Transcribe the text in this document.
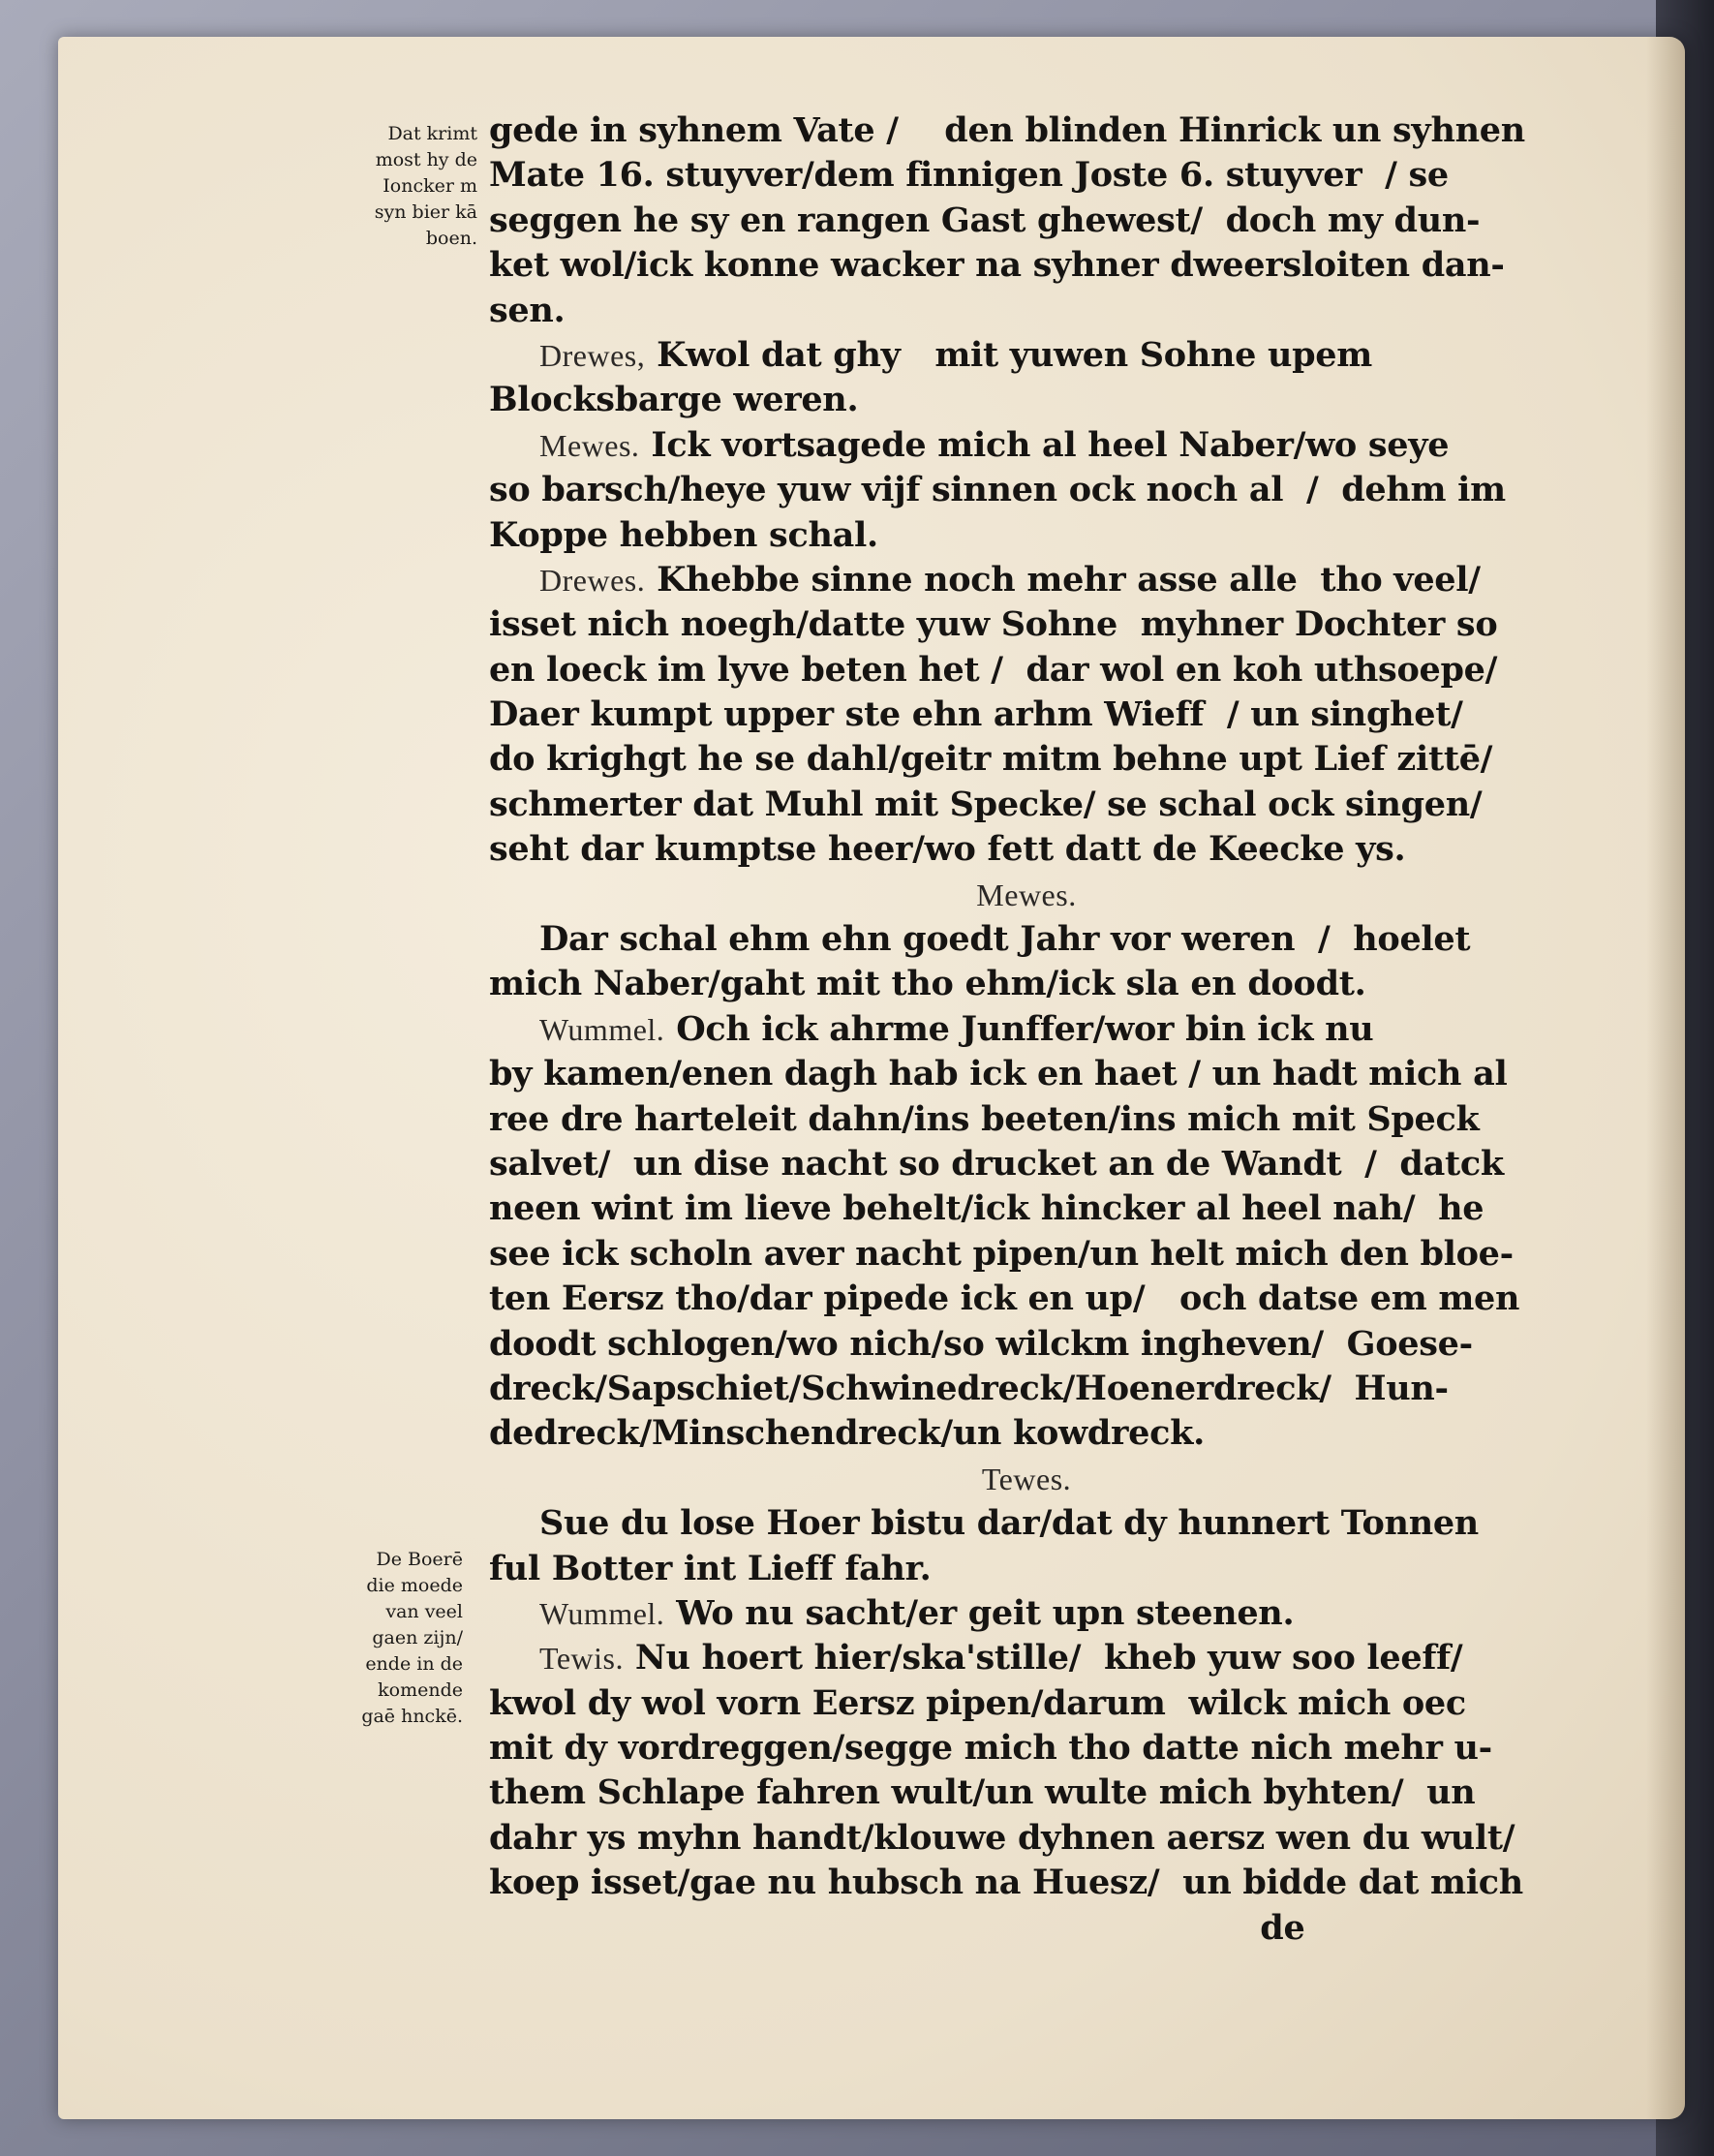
Dat krimt
most hy de
Ioncker m
syn bier kā
boen.
De Boerē
die moede
van veel
gaen zijn/
ende in de
komende
gaē hnckē.
gede in syhnem Vate /    den blinden Hinrick un syhnen
Mate 16. stuyver/dem finnigen Joste 6. stuyver  / se
seggen he sy en rangen Gast ghewest/  doch my dun-
ket wol/ick konne wacker na syhner dweersloiten dan-
sen.
Drewes, Kwol dat ghy   mit yuwen Sohne upem
Blocksbarge weren.
Mewes. Ick vortsagede mich al heel Naber/wo seye
so barsch/heye yuw vijf sinnen ock noch al  /  dehm im
Koppe hebben schal.
Drewes. Khebbe sinne noch mehr asse alle  tho veel/
isset nich noegh/datte yuw Sohne  myhner Dochter so
en loeck im lyve beten het /  dar wol en koh uthsoepe/
Daer kumpt upper ste ehn arhm Wieff  / un singhet/
do krighgt he se dahl/geitr mitm behne upt Lief zittē/
schmerter dat Muhl mit Specke/ se schal ock singen/
seht dar kumptse heer/wo fett datt de Keecke ys.
Mewes.
Dar schal ehm ehn goedt Jahr vor weren  /  hoelet
mich Naber/gaht mit tho ehm/ick sla en doodt.
Wummel. Och ick ahrme Junffer/wor bin ick nu
by kamen/enen dagh hab ick en haet / un hadt mich al
ree dre harteleit dahn/ins beeten/ins mich mit Speck
salvet/  un dise nacht so drucket an de Wandt  /  datck
neen wint im lieve behelt/ick hincker al heel nah/  he
see ick scholn aver nacht pipen/un helt mich den bloe-
ten Eersz tho/dar pipede ick en up/   och datse em men
doodt schlogen/wo nich/so wilckm ingheven/  Goese-
dreck/Sapschiet/Schwinedreck/Hoenerdreck/  Hun-
dedreck/Minschendreck/un kowdreck.
Tewes.
Sue du lose Hoer bistu dar/dat dy hunnert Tonnen
ful Botter int Lieff fahr.
Wummel. Wo nu sacht/er geit upn steenen.
Tewis. Nu hoert hier/ska'stille/  kheb yuw soo leeff/
kwol dy wol vorn Eersz pipen/darum  wilck mich oec
mit dy vordreggen/segge mich tho datte nich mehr u-
them Schlape fahren wult/un wulte mich byhten/  un
dahr ys myhn handt/klouwe dyhnen aersz wen du wult/
koep isset/gae nu hubsch na Huesz/  un bidde dat mich
de
